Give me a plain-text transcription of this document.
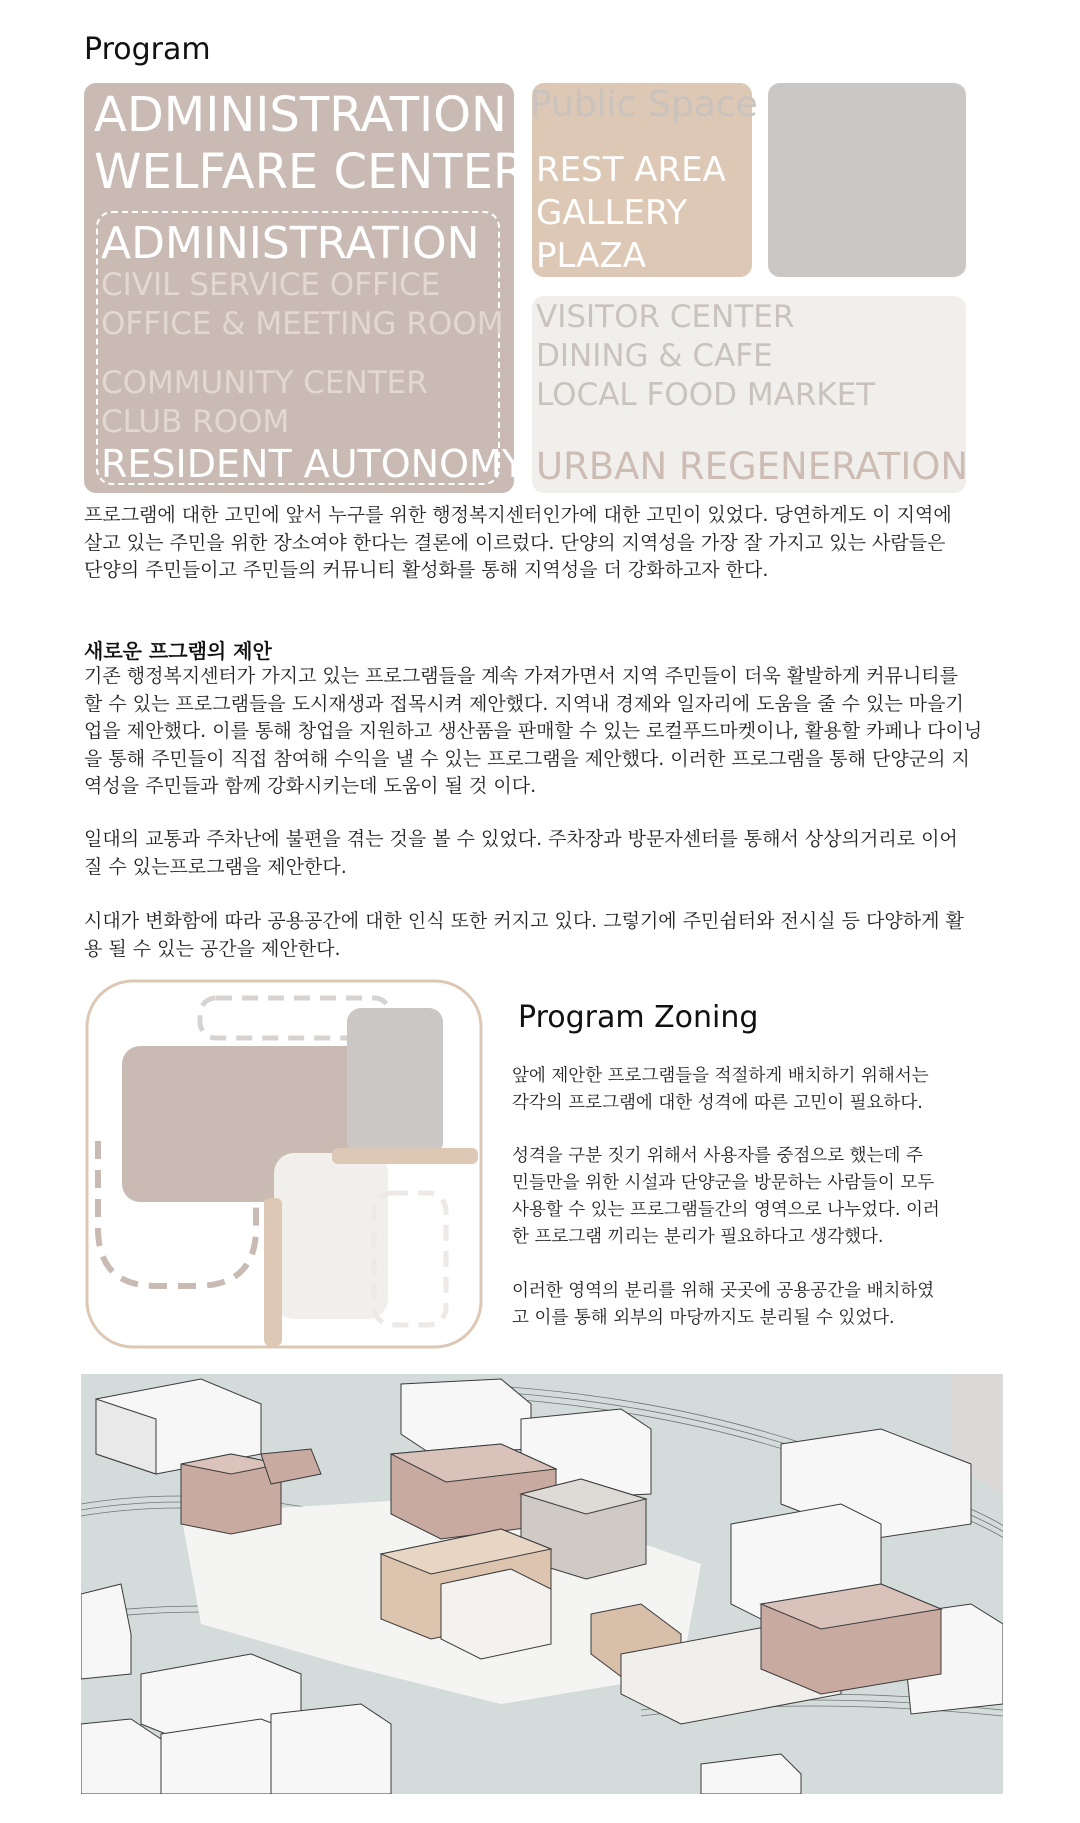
Program
ADMINISTRATION
WELFARE CENTER
ADMINISTRATION
CIVIL SERVICE OFFICE
OFFICE & MEETING ROOM
COMMUNITY CENTER
CLUB ROOM
RESIDENT AUTONOMY
Public Space
REST AREA
GALLERY
PLAZA
VISITOR CENTER
DINING & CAFE
LOCAL FOOD MARKET
URBAN REGENERATION
프로그램에 대한 고민에 앞서 누구를 위한 행정복지센터인가에 대한 고민이 있었다. 당연하게도 이 지역에
살고 있는 주민을 위한 장소여야 한다는 결론에 이르렀다. 단양의 지역성을 가장 잘 가지고 있는 사람들은
단양의 주민들이고 주민들의 커뮤니티 활성화를 통해 지역성을 더 강화하고자 한다.
새로운 프그램의 제안
기존 행정복지센터가 가지고 있는 프로그램들을 계속 가져가면서 지역 주민들이 더욱 활발하게 커뮤니티를
할 수 있는 프로그램들을 도시재생과 접목시켜 제안했다. 지역내 경제와 일자리에 도움을 줄 수 있는 마을기
업을 제안했다. 이를 통해 창업을 지원하고 생산품을 판매할 수 있는 로컬푸드마켓이나, 활용할 카페나 다이닝
을 통해 주민들이 직접 참여해 수익을 낼 수 있는 프로그램을 제안했다. 이러한 프로그램을 통해 단양군의 지
역성을 주민들과 함께 강화시키는데 도움이 될 것 이다.
일대의 교통과 주차난에 불편을 겪는 것을 볼 수 있었다. 주차장과 방문자센터를 통해서 상상의거리로 이어
질 수 있는프로그램을 제안한다.
시대가 변화함에 따라 공용공간에 대한 인식 또한 커지고 있다. 그렇기에 주민쉼터와 전시실 등 다양하게 활
용 될 수 있는 공간을 제안한다.
Program Zoning
앞에 제안한 프로그램들을 적절하게 배치하기 위해서는
각각의 프로그램에 대한 성격에 따른 고민이 필요하다.
성격을 구분 짓기 위해서 사용자를 중점으로 했는데 주
민들만을 위한 시설과 단양군을 방문하는 사람들이 모두
사용할 수 있는 프로그램들간의 영역으로 나누었다. 이러
한 프로그램 끼리는 분리가 필요하다고 생각했다.
이러한 영역의 분리를 위해 곳곳에 공용공간을 배치하였
고 이를 통해 외부의 마당까지도 분리될 수 있었다.
